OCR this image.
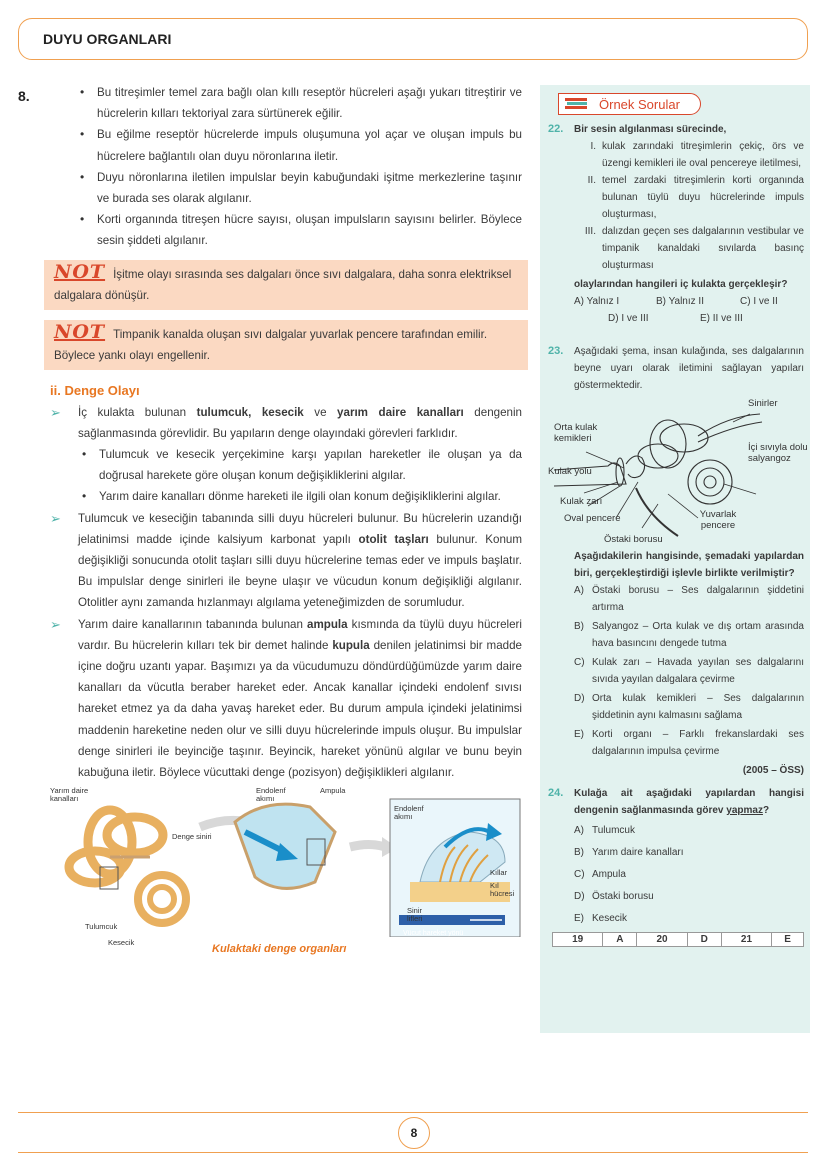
DUYU ORGANLARI
8.
•	Bu titreşimler temel zara bağlı olan kıllı reseptör hücreleri aşağı yukarı titreştirir ve hücrelerin kılları tektoriyal zara sürtünerek eğilir.
• Bu eğilme reseptör hücrelerde impuls oluşumuna yol açar ve oluşan impuls bu hücrelere bağlantılı olan duyu nöronlarına iletir.
• Duyu nöronlarına iletilen impulslar beyin kabuğundaki işitme merkezlerine taşınır ve burada ses olarak algılanır.
• Korti organında titreşen hücre sayısı, oluşan impulsların sayısını belirler. Böylece sesin şiddeti algılanır.
NOT İşitme olayı sırasında ses dalgaları önce sıvı dalgalara, daha sonra elektriksel dalgalara dönüşür.
NOT Timpanik kanalda oluşan sıvı dalgalar yuvarlak pencere tarafından emilir. Böylece yankı olayı engellenir.
ii. Denge Olayı
➢ İç kulakta bulunan tulumcuk, kesecik ve yarım daire kanalları dengenin sağlanmasında görevlidir. Bu yapıların denge olayındaki görevleri farklıdır.
• Tulumcuk ve kesecik yerçekimine karşı yapılan hareketler ile oluşan ya da doğrusal harekete göre oluşan konum değişikliklerini algılar.
• Yarım daire kanalları dönme hareketi ile ilgili olan konum değişikliklerini algılar.
➢ Tulumcuk ve keseciğin tabanında silli duyu hücreleri bulunur. Bu hücrelerin uzandığı jelatinimsi madde içinde kalsiyum karbonat yapılı otolit taşları bulunur. Konum değişikliği sonucunda otolit taşları silli duyu hücrelerine temas eder ve impuls başlatır. Bu impulslar denge sinirleri ile beyne ulaşır ve vücudun konum değişikliği algılanır. Otolitler aynı zamanda hızlanmayı algılama yeteneğimizden de sorumludur.
➢ Yarım daire kanallarının tabanında bulunan ampula kısmında da tüylü duyu hücreleri vardır. Bu hücrelerin kılları tek bir demet halinde kupula denilen jelatinimsi bir madde içine doğru uzantı yapar. Başımızı ya da vücudumuzu döndürdüğümüzde yarım daire kanalları da vücutla beraber hareket eder. Ancak kanallar içindeki endolenf sıvısı hareket etmez ya da daha yavaş hareket eder. Bu durum ampula içindeki jelatinimsi maddenin hareketine neden olur ve silli duyu hücrelerinde impuls oluşur. Bu impulslar denge sinirleri ile beyinciğe taşınır. Beyincik, hareket yönünü algılar ve bunu beyin kabuğuna iletir. Böylece vücuttaki denge (pozisyon) değişiklikleri algılanır.
Yarım daire kanalları
Denge siniri
Tulumcuk
Kesecik
Endolenf akımı
Ampula
Endolenf akımı
Kıllar
Kıl hücresi
Sinir lifleri
Vücut hareket yönü
Kulaktaki denge organları
Örnek Sorular
22. Bir sesin algılanması sürecinde,
I. kulak zarındaki titreşimlerin çekiç, örs ve üzengi kemikleri ile oval pencereye iletilmesi,
II. temel zardaki titreşimlerin korti organında bulunan tüylü duyu hücrelerinde impuls oluşturması,
III. dalızdan geçen ses dalgalarının vestibular ve timpanik kanaldaki sıvılarda basınç oluşturması
olaylarından hangileri iç kulakta gerçekleşir?
A) Yalnız I	B) Yalnız II	C) I ve II
D) I ve III	E) II ve III
23. Aşağıdaki şema, insan kulağında, ses dalgalarının beyne uyarı olarak iletimini sağlayan yapıları göstermektedir.
Sinirler
Orta kulak kemikleri
İçi sıvıyla dolu salyangoz
Kulak yolu
Kulak zarı
Oval pencere	Yuvarlak pencere
Östaki borusu
Aşağıdakilerin hangisinde, şemadaki yapılardan biri, gerçekleştirdiği işlevle birlikte verilmiştir?
A) Östaki borusu – Ses dalgalarının şiddetini artırma
B) Salyangoz – Orta kulak ve dış ortam arasında hava basıncını dengede tutma
C) Kulak zarı – Havada yayılan ses dalgalarını sıvıda yayılan dalgalara çevirme
D) Orta kulak kemikleri – Ses dalgalarının şiddetinin aynı kalmasını sağlama
E) Korti organı – Farklı frekanslardaki ses dalgalarının impulsa çevirme
(2005 – ÖSS)
24. Kulağa ait aşağıdaki yapılardan hangisi dengenin sağlanmasında görev yapmaz?
A) Tulumcuk
B) Yarım daire kanalları
C) Ampula
D) Östaki borusu
E) Kesecik
19	A	20	D	21	E
8
